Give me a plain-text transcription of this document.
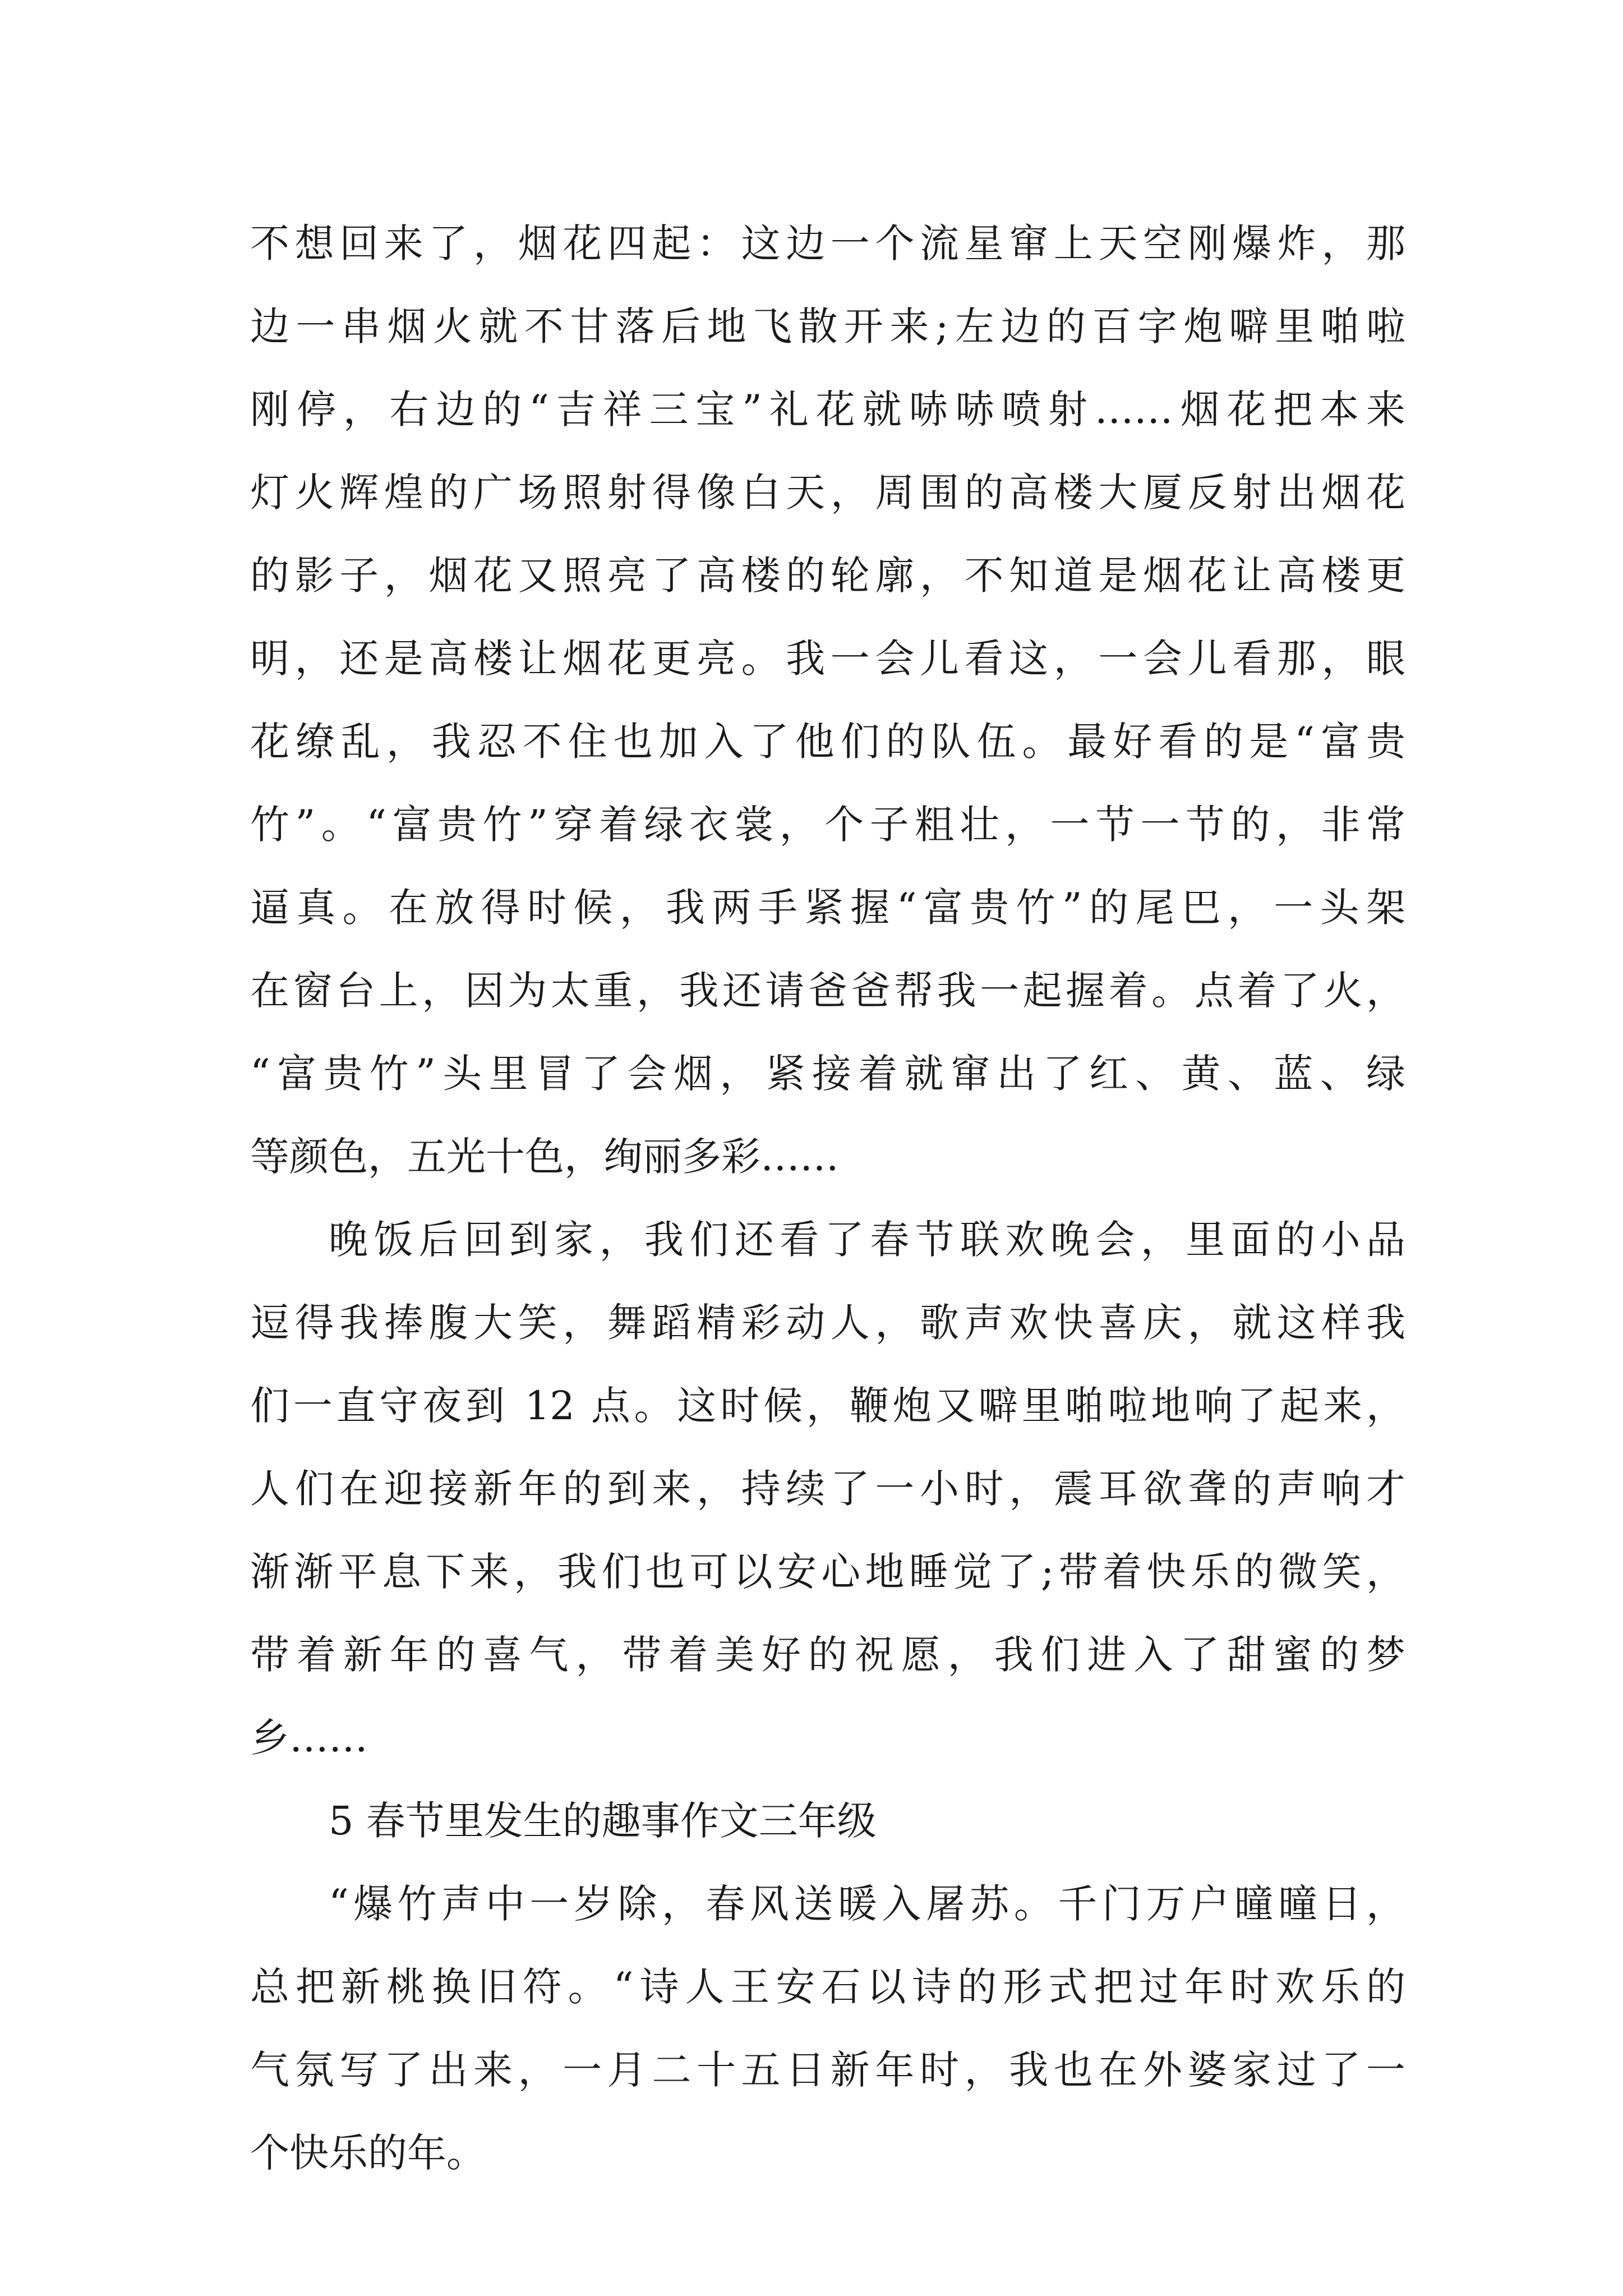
不想回来了，烟花四起：这边一个流星窜上天空刚爆炸，那
边一串烟火就不甘落后地飞散开来;左边的百字炮噼里啪啦
刚停，右边的“吉祥三宝”礼花就哧哧喷射……烟花把本来
灯火辉煌的广场照射得像白天，周围的高楼大厦反射出烟花
的影子，烟花又照亮了高楼的轮廓，不知道是烟花让高楼更
明，还是高楼让烟花更亮。我一会儿看这，一会儿看那，眼
花缭乱，我忍不住也加入了他们的队伍。最好看的是“富贵
竹”。“富贵竹”穿着绿衣裳，个子粗壮，一节一节的，非常
逼真。在放得时候，我两手紧握“富贵竹”的尾巴，一头架
在窗台上，因为太重，我还请爸爸帮我一起握着。点着了火，
“富贵竹”头里冒了会烟，紧接着就窜出了红、黄、蓝、绿
等颜色，五光十色，绚丽多彩……
晚饭后回到家，我们还看了春节联欢晚会，里面的小品
逗得我捧腹大笑，舞蹈精彩动人，歌声欢快喜庆，就这样我
们一直守夜到 12 点。这时候，鞭炮又噼里啪啦地响了起来，
人们在迎接新年的到来，持续了一小时，震耳欲聋的声响才
渐渐平息下来，我们也可以安心地睡觉了;带着快乐的微笑，
带着新年的喜气，带着美好的祝愿，我们进入了甜蜜的梦
乡……
5 春节里发生的趣事作文三年级
“爆竹声中一岁除，春风送暖入屠苏。千门万户曈曈日，
总把新桃换旧符。“诗人王安石以诗的形式把过年时欢乐的
气氛写了出来，一月二十五日新年时，我也在外婆家过了一
个快乐的年。
